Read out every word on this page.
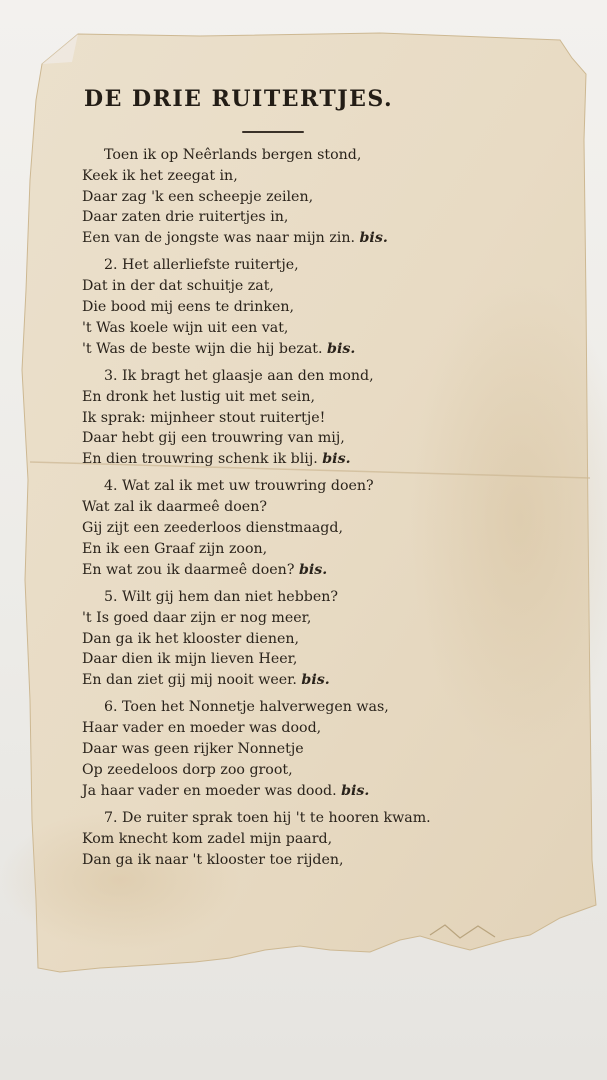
DE DRIE RUITERTJES.
Toen ik op Neêrlands bergen stond,
Keek ik het zeegat in,
Daar zag 'k een scheepje zeilen,
Daar zaten drie ruitertjes in,
Een van de jongste was naar mijn zin. bis.
2. Het allerliefste ruitertje,
Dat in der dat schuitje zat,
Die bood mij eens te drinken,
't Was koele wijn uit een vat,
't Was de beste wijn die hij bezat. bis.
3. Ik bragt het glaasje aan den mond,
En dronk het lustig uit met sein,
Ik sprak: mijnheer stout ruitertje!
Daar hebt gij een trouwring van mij,
En dien trouwring schenk ik blij. bis.
4. Wat zal ik met uw trouwring doen?
Wat zal ik daarmeê doen?
Gij zijt een zeederloos dienstmaagd,
En ik een Graaf zijn zoon,
En wat zou ik daarmeê doen? bis.
5. Wilt gij hem dan niet hebben?
't Is goed daar zijn er nog meer,
Dan ga ik het klooster dienen,
Daar dien ik mijn lieven Heer,
En dan ziet gij mij nooit weer. bis.
6. Toen het Nonnetje halverwegen was,
Haar vader en moeder was dood,
Daar was geen rijker Nonnetje
Op zeedeloos dorp zoo groot,
Ja haar vader en moeder was dood. bis.
7. De ruiter sprak toen hij 't te hooren kwam.
Kom knecht kom zadel mijn paard,
Dan ga ik naar 't klooster toe rijden,
